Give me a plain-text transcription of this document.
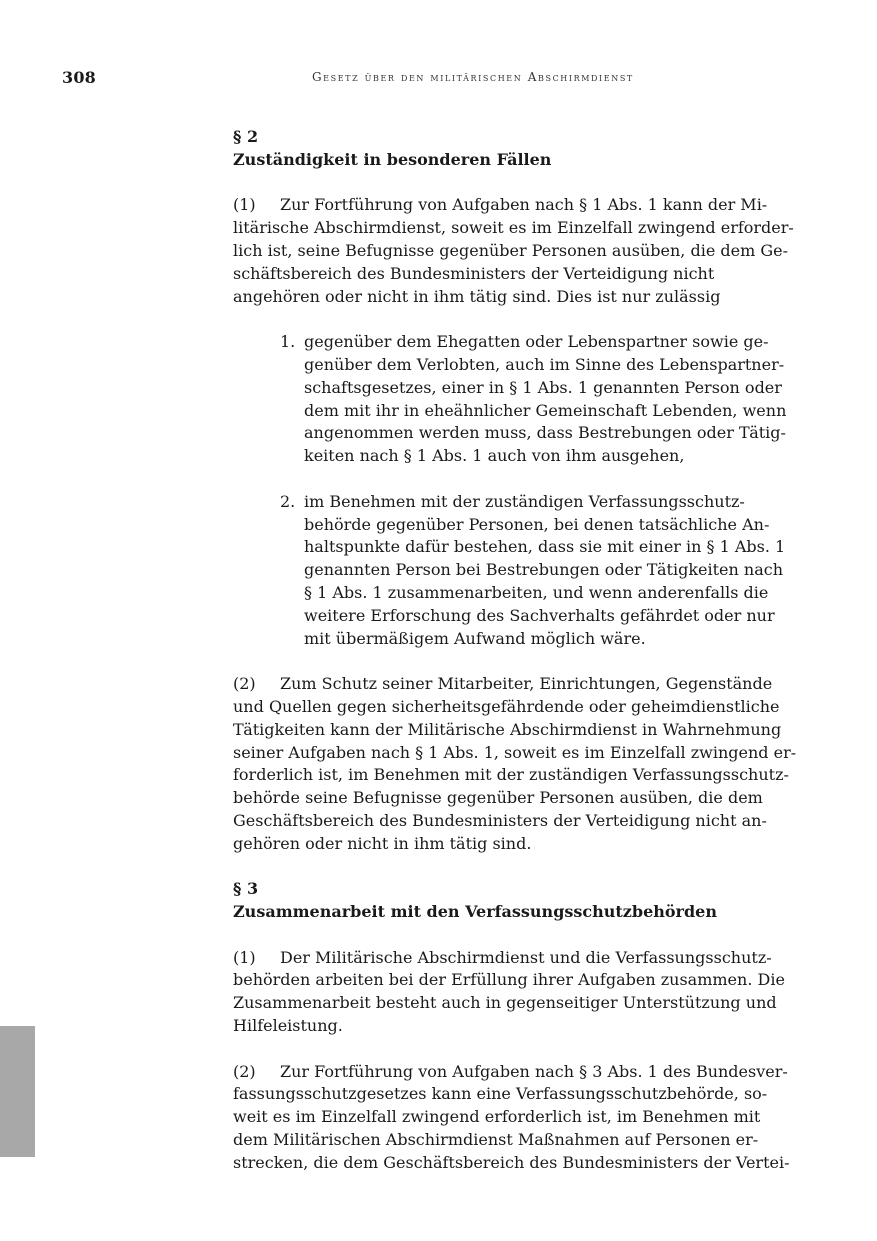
308	Gesetz über den militärischen Abschirmdienst
§ 2
Zuständigkeit in besonderen Fällen
(1) Zur Fortführung von Aufgaben nach § 1 Abs. 1 kann der Mi-
litärische Abschirmdienst, soweit es im Einzelfall zwingend erforder-
lich ist, seine Befugnisse gegenüber Personen ausüben, die dem Ge-
schäftsbereich des Bundesministers der Verteidigung nicht
angehören oder nicht in ihm tätig sind. Dies ist nur zulässig
1. gegenüber dem Ehegatten oder Lebenspartner sowie ge-
genüber dem Verlobten, auch im Sinne des Lebenspartner-
schaftsgesetzes, einer in § 1 Abs. 1 genannten Person oder
dem mit ihr in eheähnlicher Gemeinschaft Lebenden, wenn
angenommen werden muss, dass Bestrebungen oder Tätig-
keiten nach § 1 Abs. 1 auch von ihm ausgehen,
2. im Benehmen mit der zuständigen Verfassungsschutz-
behörde gegenüber Personen, bei denen tatsächliche An-
haltspunkte dafür bestehen, dass sie mit einer in § 1 Abs. 1
genannten Person bei Bestrebungen oder Tätigkeiten nach
§ 1 Abs. 1 zusammenarbeiten, und wenn anderenfalls die
weitere Erforschung des Sachverhalts gefährdet oder nur
mit übermäßigem Aufwand möglich wäre.
(2) Zum Schutz seiner Mitarbeiter, Einrichtungen, Gegenstände
und Quellen gegen sicherheitsgefährdende oder geheimdienstliche
Tätigkeiten kann der Militärische Abschirmdienst in Wahrnehmung
seiner Aufgaben nach § 1 Abs. 1, soweit es im Einzelfall zwingend er-
forderlich ist, im Benehmen mit der zuständigen Verfassungsschutz-
behörde seine Befugnisse gegenüber Personen ausüben, die dem
Geschäftsbereich des Bundesministers der Verteidigung nicht an-
gehören oder nicht in ihm tätig sind.
§ 3
Zusammenarbeit mit den Verfassungsschutzbehörden
(1) Der Militärische Abschirmdienst und die Verfassungsschutz-
behörden arbeiten bei der Erfüllung ihrer Aufgaben zusammen. Die
Zusammenarbeit besteht auch in gegenseitiger Unterstützung und
Hilfeleistung.
(2) Zur Fortführung von Aufgaben nach § 3 Abs. 1 des Bundesver-
fassungsschutzgesetzes kann eine Verfassungsschutzbehörde, so-
weit es im Einzelfall zwingend erforderlich ist, im Benehmen mit
dem Militärischen Abschirmdienst Maßnahmen auf Personen er-
strecken, die dem Geschäftsbereich des Bundesministers der Vertei-
